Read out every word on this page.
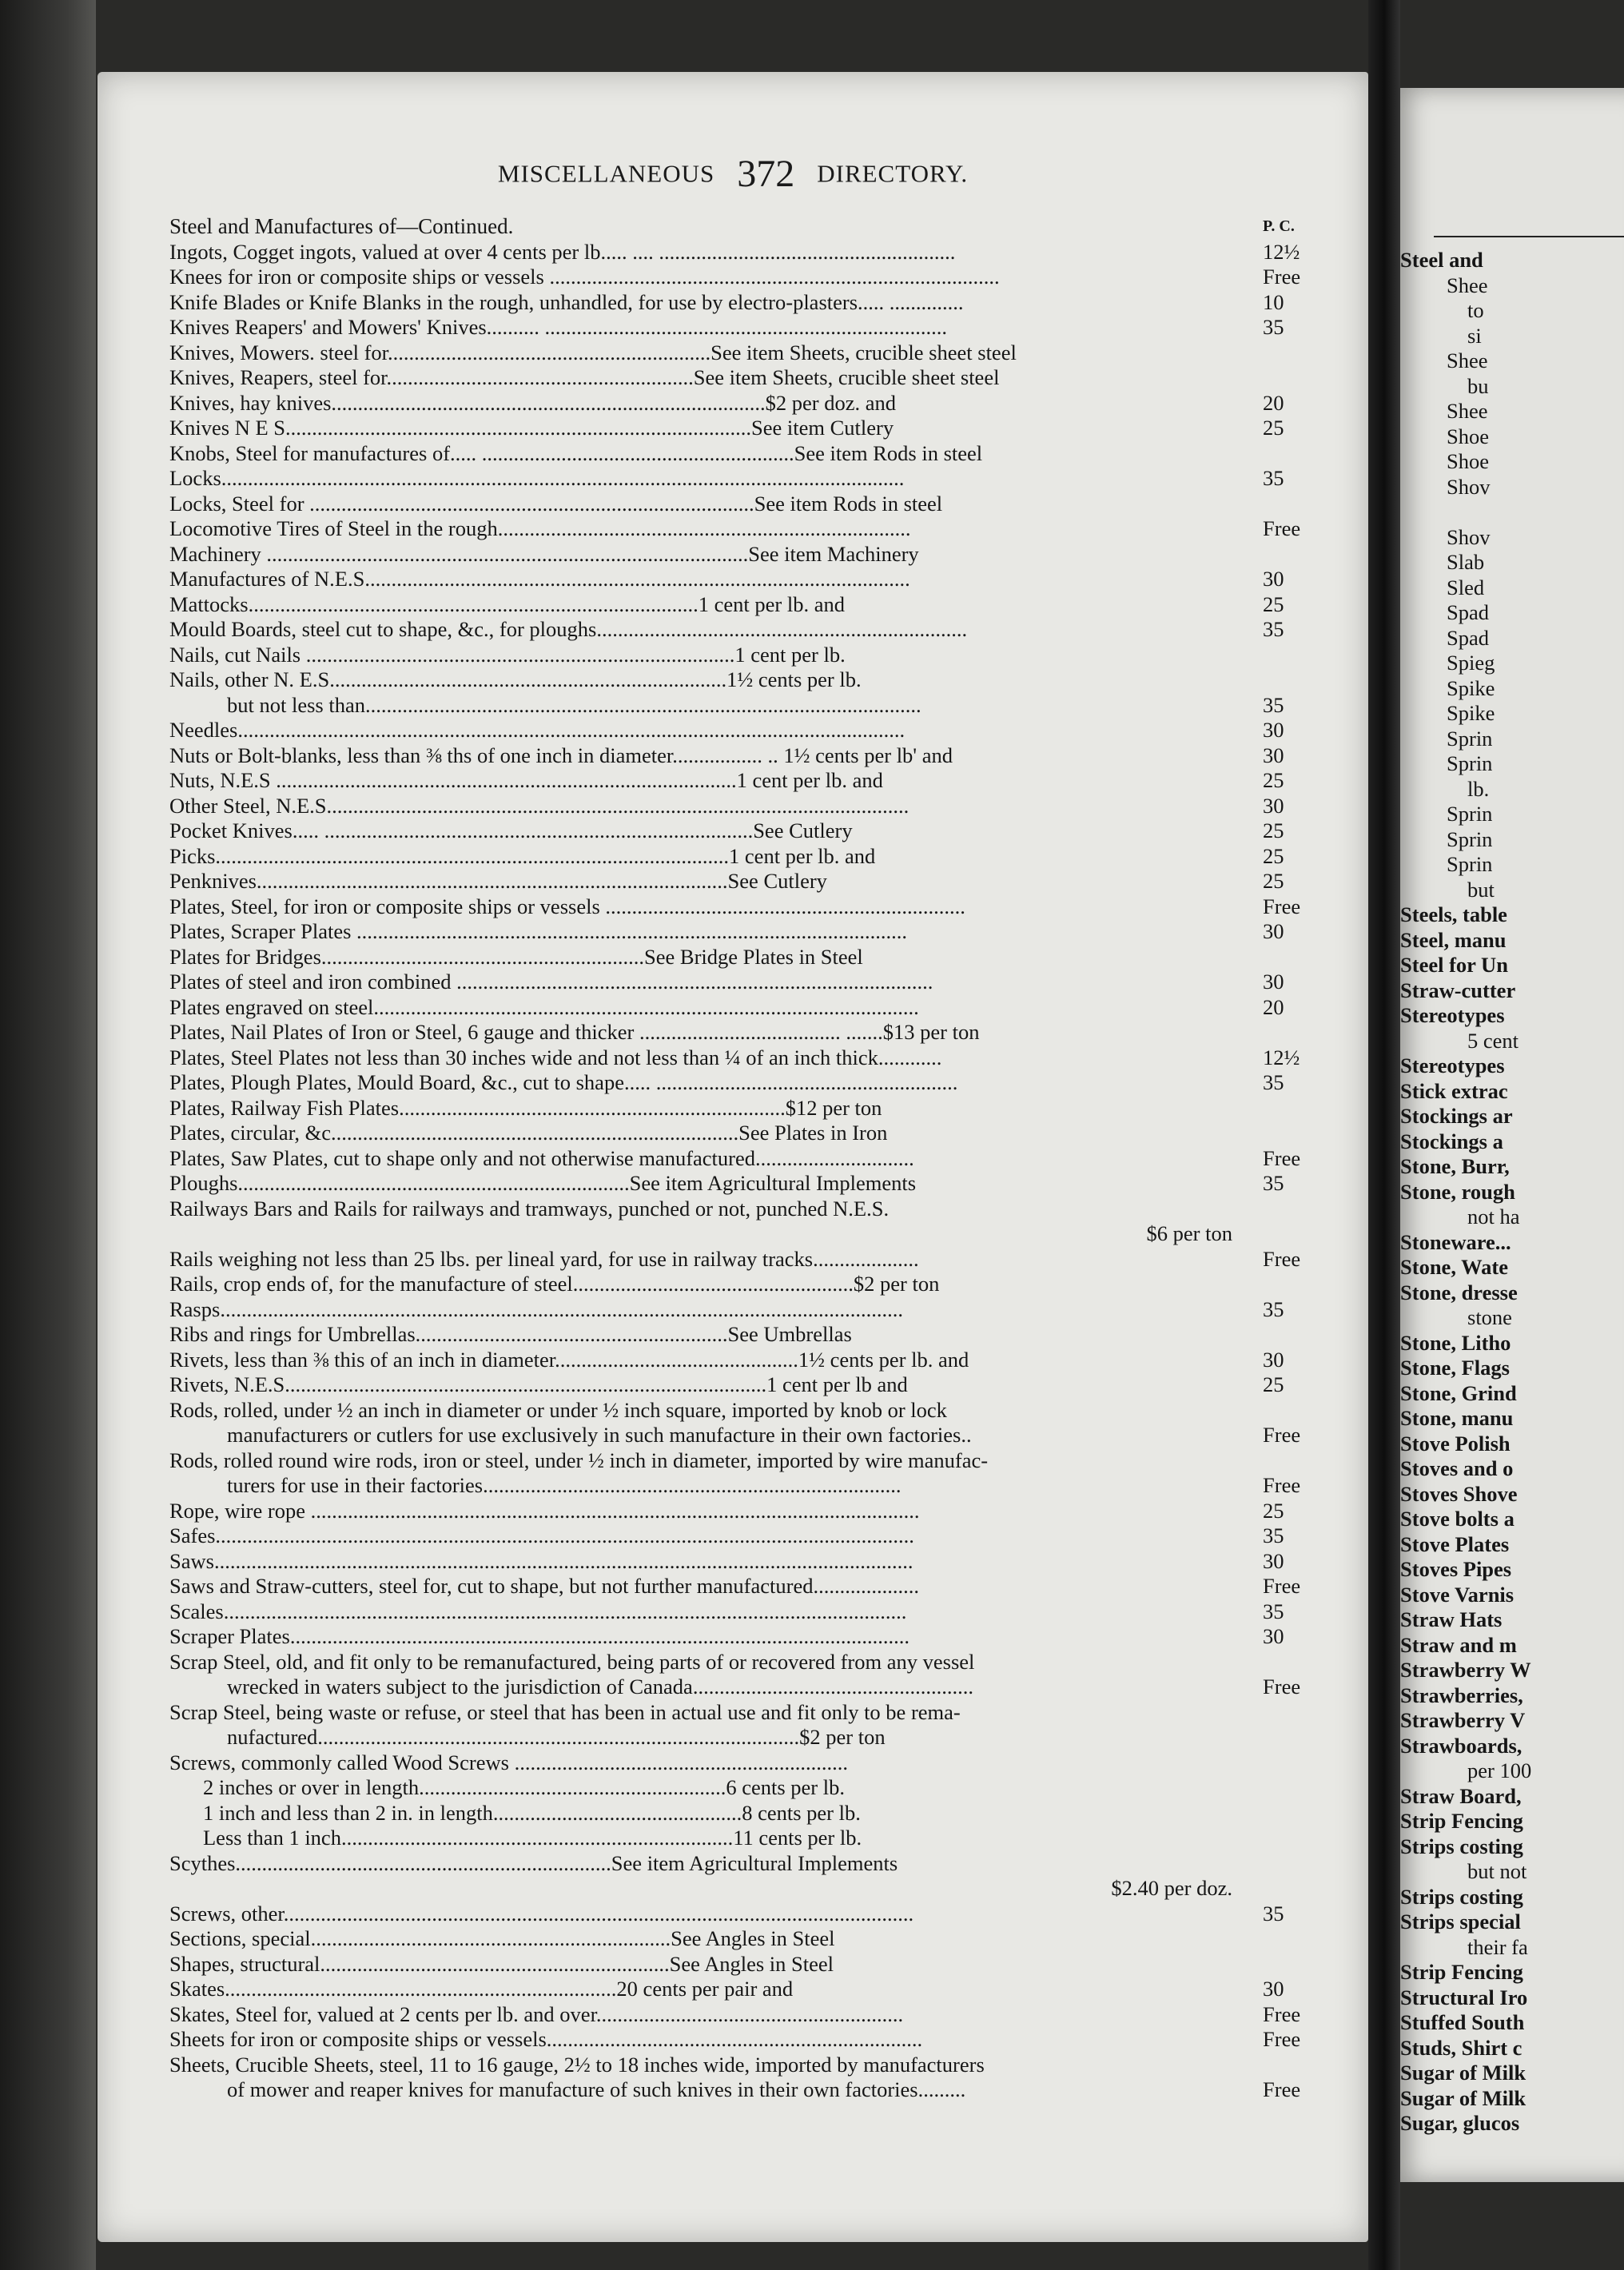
MISCELLANEOUS 372 DIRECTORY.
Steel and Manufactures of—Continued.	P. C.
Ingots, Cogget ingots, valued at over 4 cents per lb..... .... ........................................................	12½
Knees for iron or composite ships or vessels .....................................................................................	Free
Knife Blades or Knife Blanks in the rough, unhandled, for use by electro-plasters..... ..............	10
Knives Reapers' and Mowers' Knives.......... ............................................................................	35
Knives, Mowers. steel for.............................................................See item Sheets, crucible sheet steel
Knives, Reapers, steel for..........................................................See item Sheets, crucible sheet steel
Knives, hay knives..................................................................................$2 per doz. and	20
Knives N E S........................................................................................See item Cutlery	25
Knobs, Steel for manufactures of..... ...........................................................See item Rods in steel
Locks.................................................................................................................................	35
Locks, Steel for ....................................................................................See item Rods in steel
Locomotive Tires of Steel in the rough..............................................................................	Free
Machinery ...........................................................................................See item Machinery
Manufactures of N.E.S.......................................................................................................	30
Mattocks.....................................................................................1 cent per lb. and	25
Mould Boards, steel cut to shape, &c., for ploughs......................................................................	35
Nails, cut Nails .................................................................................1 cent per lb.
Nails, other N. E.S...........................................................................1½ cents per lb.
but not less than.........................................................................................................	35
Needles..............................................................................................................................	30
Nuts or Bolt-blanks, less than ⅜ ths of one inch in diameter................. .. 1½ cents per lb' and	30
Nuts, N.E.S .......................................................................................1 cent per lb. and	25
Other Steel, N.E.S..............................................................................................................	30
Pocket Knives..... .................................................................................See Cutlery	25
Picks.................................................................................................1 cent per lb. and	25
Penknives.........................................................................................See Cutlery	25
Plates, Steel, for iron or composite ships or vessels ....................................................................	Free
Plates, Scraper Plates ........................................................................................................	30
Plates for Bridges.............................................................See Bridge Plates in Steel
Plates of steel and iron combined ..........................................................................................	30
Plates engraved on steel.......................................................................................................	20
Plates, Nail Plates of Iron or Steel, 6 gauge and thicker ...................................... .......$13 per ton
Plates, Steel Plates not less than 30 inches wide and not less than ¼ of an inch thick............	12½
Plates, Plough Plates, Mould Board, &c., cut to shape..... .........................................................	35
Plates, Railway Fish Plates.........................................................................$12 per ton
Plates, circular, &c.............................................................................See Plates in Iron
Plates, Saw Plates, cut to shape only and not otherwise manufactured..............................	Free
Ploughs..........................................................................See item Agricultural Implements	35
Railways Bars and Rails for railways and tramways, punched or not, punched N.E.S.
$6 per ton
Rails weighing not less than 25 lbs. per lineal yard, for use in railway tracks....................	Free
Rails, crop ends of, for the manufacture of steel.....................................................$2 per ton
Rasps.................................................................................................................................	35
Ribs and rings for Umbrellas...........................................................See Umbrellas
Rivets, less than ⅜ this of an inch in diameter..............................................1½ cents per lb. and	30
Rivets, N.E.S...........................................................................................1 cent per lb and	25
Rods, rolled, under ½ an inch in diameter or under ½ inch square, imported by knob or lock
manufacturers or cutlers for use exclusively in such manufacture in their own factories..	Free
Rods, rolled round wire rods, iron or steel, under ½ inch in diameter, imported by wire manufac-
turers for use in their factories...............................................................................	Free
Rope, wire rope ...................................................................................................................	25
Safes....................................................................................................................................	35
Saws....................................................................................................................................	30
Saws and Straw-cutters, steel for, cut to shape, but not further manufactured....................	Free
Scales.................................................................................................................................	35
Scraper Plates.....................................................................................................................	30
Scrap Steel, old, and fit only to be remanufactured, being parts of or recovered from any vessel
wrecked in waters subject to the jurisdiction of Canada.....................................................	Free
Scrap Steel, being waste or refuse, or steel that has been in actual use and fit only to be rema-
nufactured...........................................................................................$2 per ton
Screws, commonly called Wood Screws ...............................................................
2 inches or over in length..........................................................6 cents per lb.
1 inch and less than 2 in. in length...............................................8 cents per lb.
Less than 1 inch..........................................................................11 cents per lb.
Scythes.......................................................................See item Agricultural Implements
$2.40 per doz.
Screws, other.......................................................................................................................	35
Sections, special....................................................................See Angles in Steel
Shapes, structural..................................................................See Angles in Steel
Skates..........................................................................20 cents per pair and	30
Skates, Steel for, valued at 2 cents per lb. and over..........................................................	Free
Sheets for iron or composite ships or vessels.......................................................................	Free
Sheets, Crucible Sheets, steel, 11 to 16 gauge, 2½ to 18 inches wide, imported by manufacturers
of mower and reaper knives for manufacture of such knives in their own factories.........	Free
Steel and
Shee
to
si
Shee
bu
Shee
Shoe
Shoe
Shov
Shov
Slab
Sled
Spad
Spad
Spieg
Spike
Spike
Sprin
Sprin
lb.
Sprin
Sprin
Sprin
but
Steels, table
Steel, manu
Steel for Un
Straw-cutter
Stereotypes
5 cent
Stereotypes
Stick extrac
Stockings ar
Stockings a
Stone, Burr,
Stone, rough
not ha
Stoneware...
Stone, Wate
Stone, dresse
stone
Stone, Litho
Stone, Flags
Stone, Grind
Stone, manu
Stove Polish
Stoves and o
Stoves Shove
Stove bolts a
Stove Plates
Stoves Pipes
Stove Varnis
Straw Hats
Straw and m
Strawberry W
Strawberries,
Strawberry V
Strawboards,
per 100
Straw Board,
Strip Fencing
Strips costing
but not
Strips costing
Strips special
their fa
Strip Fencing
Structural Iro
Stuffed South
Studs, Shirt c
Sugar of Milk
Sugar of Milk
Sugar, glucos
